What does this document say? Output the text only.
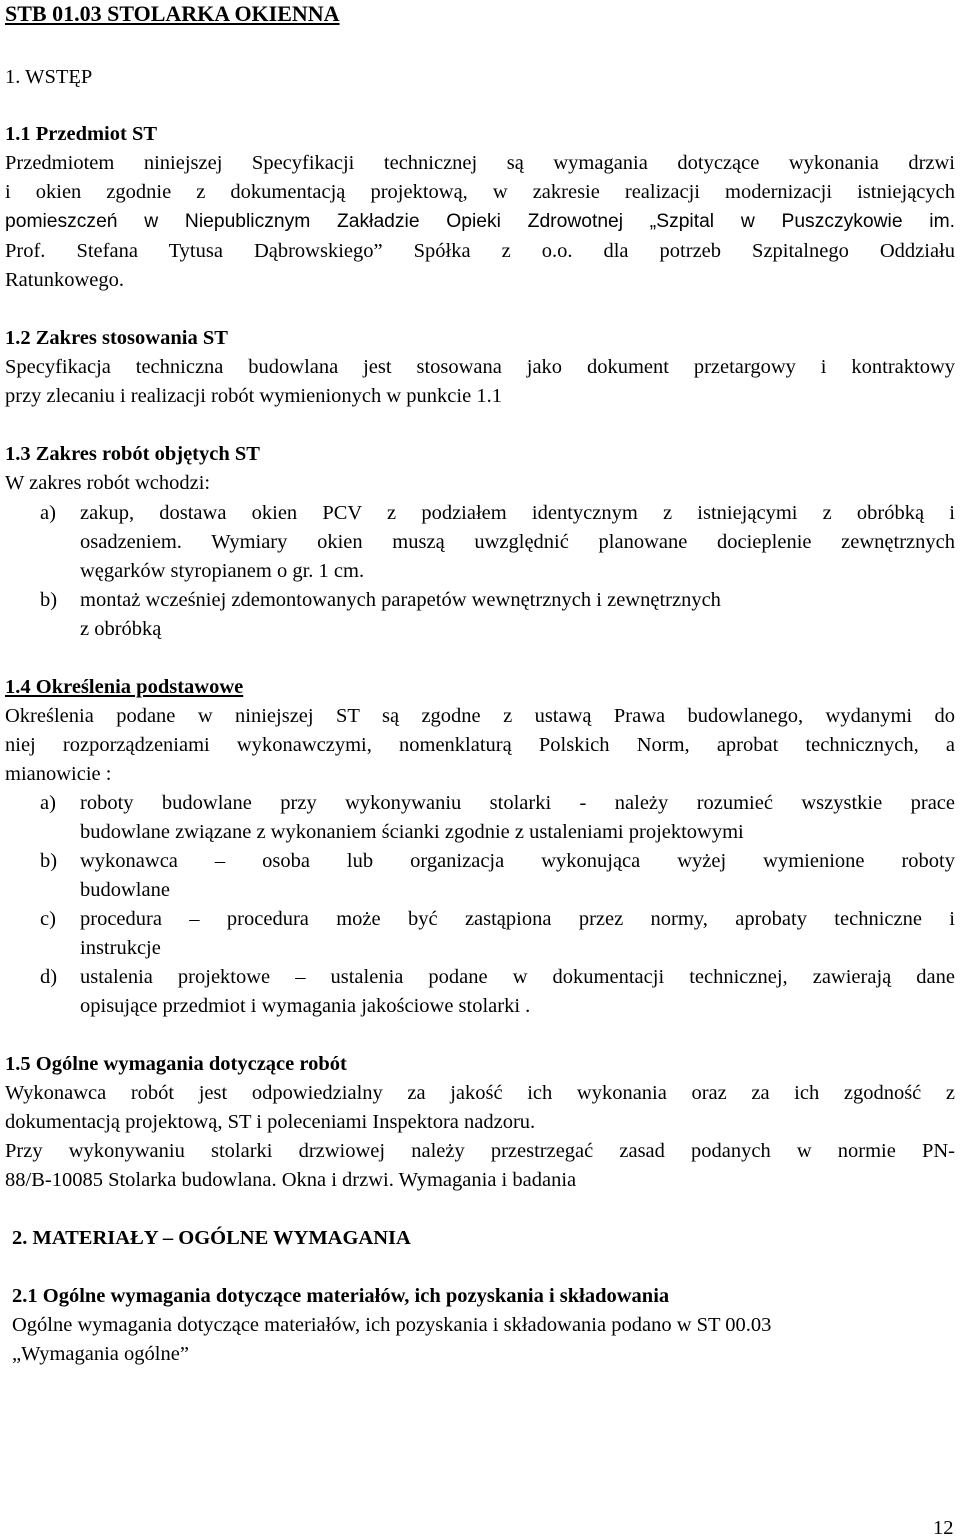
STB 01.03 STOLARKA OKIENNA
1. WSTĘP
1.1 Przedmiot ST
Przedmiotem niniejszej Specyfikacji technicznej są wymagania dotyczące wykonania drzwi
i okien zgodnie z dokumentacją projektową, w zakresie realizacji modernizacji istniejących
pomieszczeń w Niepublicznym Zakładzie Opieki Zdrowotnej „Szpital w Puszczykowie im.
Prof. Stefana Tytusa Dąbrowskiego” Spółka z o.o. dla potrzeb Szpitalnego Oddziału
Ratunkowego.
1.2 Zakres stosowania ST
Specyfikacja techniczna budowlana jest stosowana jako dokument przetargowy i kontraktowy
przy zlecaniu i realizacji robót wymienionych w punkcie 1.1
1.3 Zakres robót objętych ST
W zakres robót wchodzi:
a) zakup, dostawa okien PCV z podziałem identycznym z istniejącymi z obróbką i
osadzeniem. Wymiary okien muszą uwzględnić planowane docieplenie zewnętrznych
węgarków styropianem o gr. 1 cm.
b) montaż wcześniej zdemontowanych parapetów wewnętrznych i zewnętrznych
z obróbką
1.4 Określenia podstawowe
Określenia podane w niniejszej ST są zgodne z ustawą Prawa budowlanego, wydanymi do
niej rozporządzeniami wykonawczymi, nomenklaturą Polskich Norm, aprobat technicznych, a
mianowicie :
a) roboty budowlane przy wykonywaniu stolarki - należy rozumieć wszystkie prace
budowlane związane z wykonaniem ścianki zgodnie z ustaleniami projektowymi
b) wykonawca – osoba lub organizacja wykonująca wyżej wymienione roboty
budowlane
c) procedura – procedura może być zastąpiona przez normy, aprobaty techniczne i
instrukcje
d) ustalenia projektowe – ustalenia podane w dokumentacji technicznej, zawierają dane
opisujące przedmiot i wymagania jakościowe stolarki .
1.5 Ogólne wymagania dotyczące robót
Wykonawca robót jest odpowiedzialny za jakość ich wykonania oraz za ich zgodność z
dokumentacją projektową, ST i poleceniami Inspektora nadzoru.
Przy wykonywaniu stolarki drzwiowej należy przestrzegać zasad podanych w normie PN-
88/B-10085 Stolarka budowlana. Okna i drzwi. Wymagania i badania
2. MATERIAŁY – OGÓLNE WYMAGANIA
2.1 Ogólne wymagania dotyczące materiałów, ich pozyskania i składowania
Ogólne wymagania dotyczące materiałów, ich pozyskania i składowania podano w ST 00.03
„Wymagania ogólne”
12
